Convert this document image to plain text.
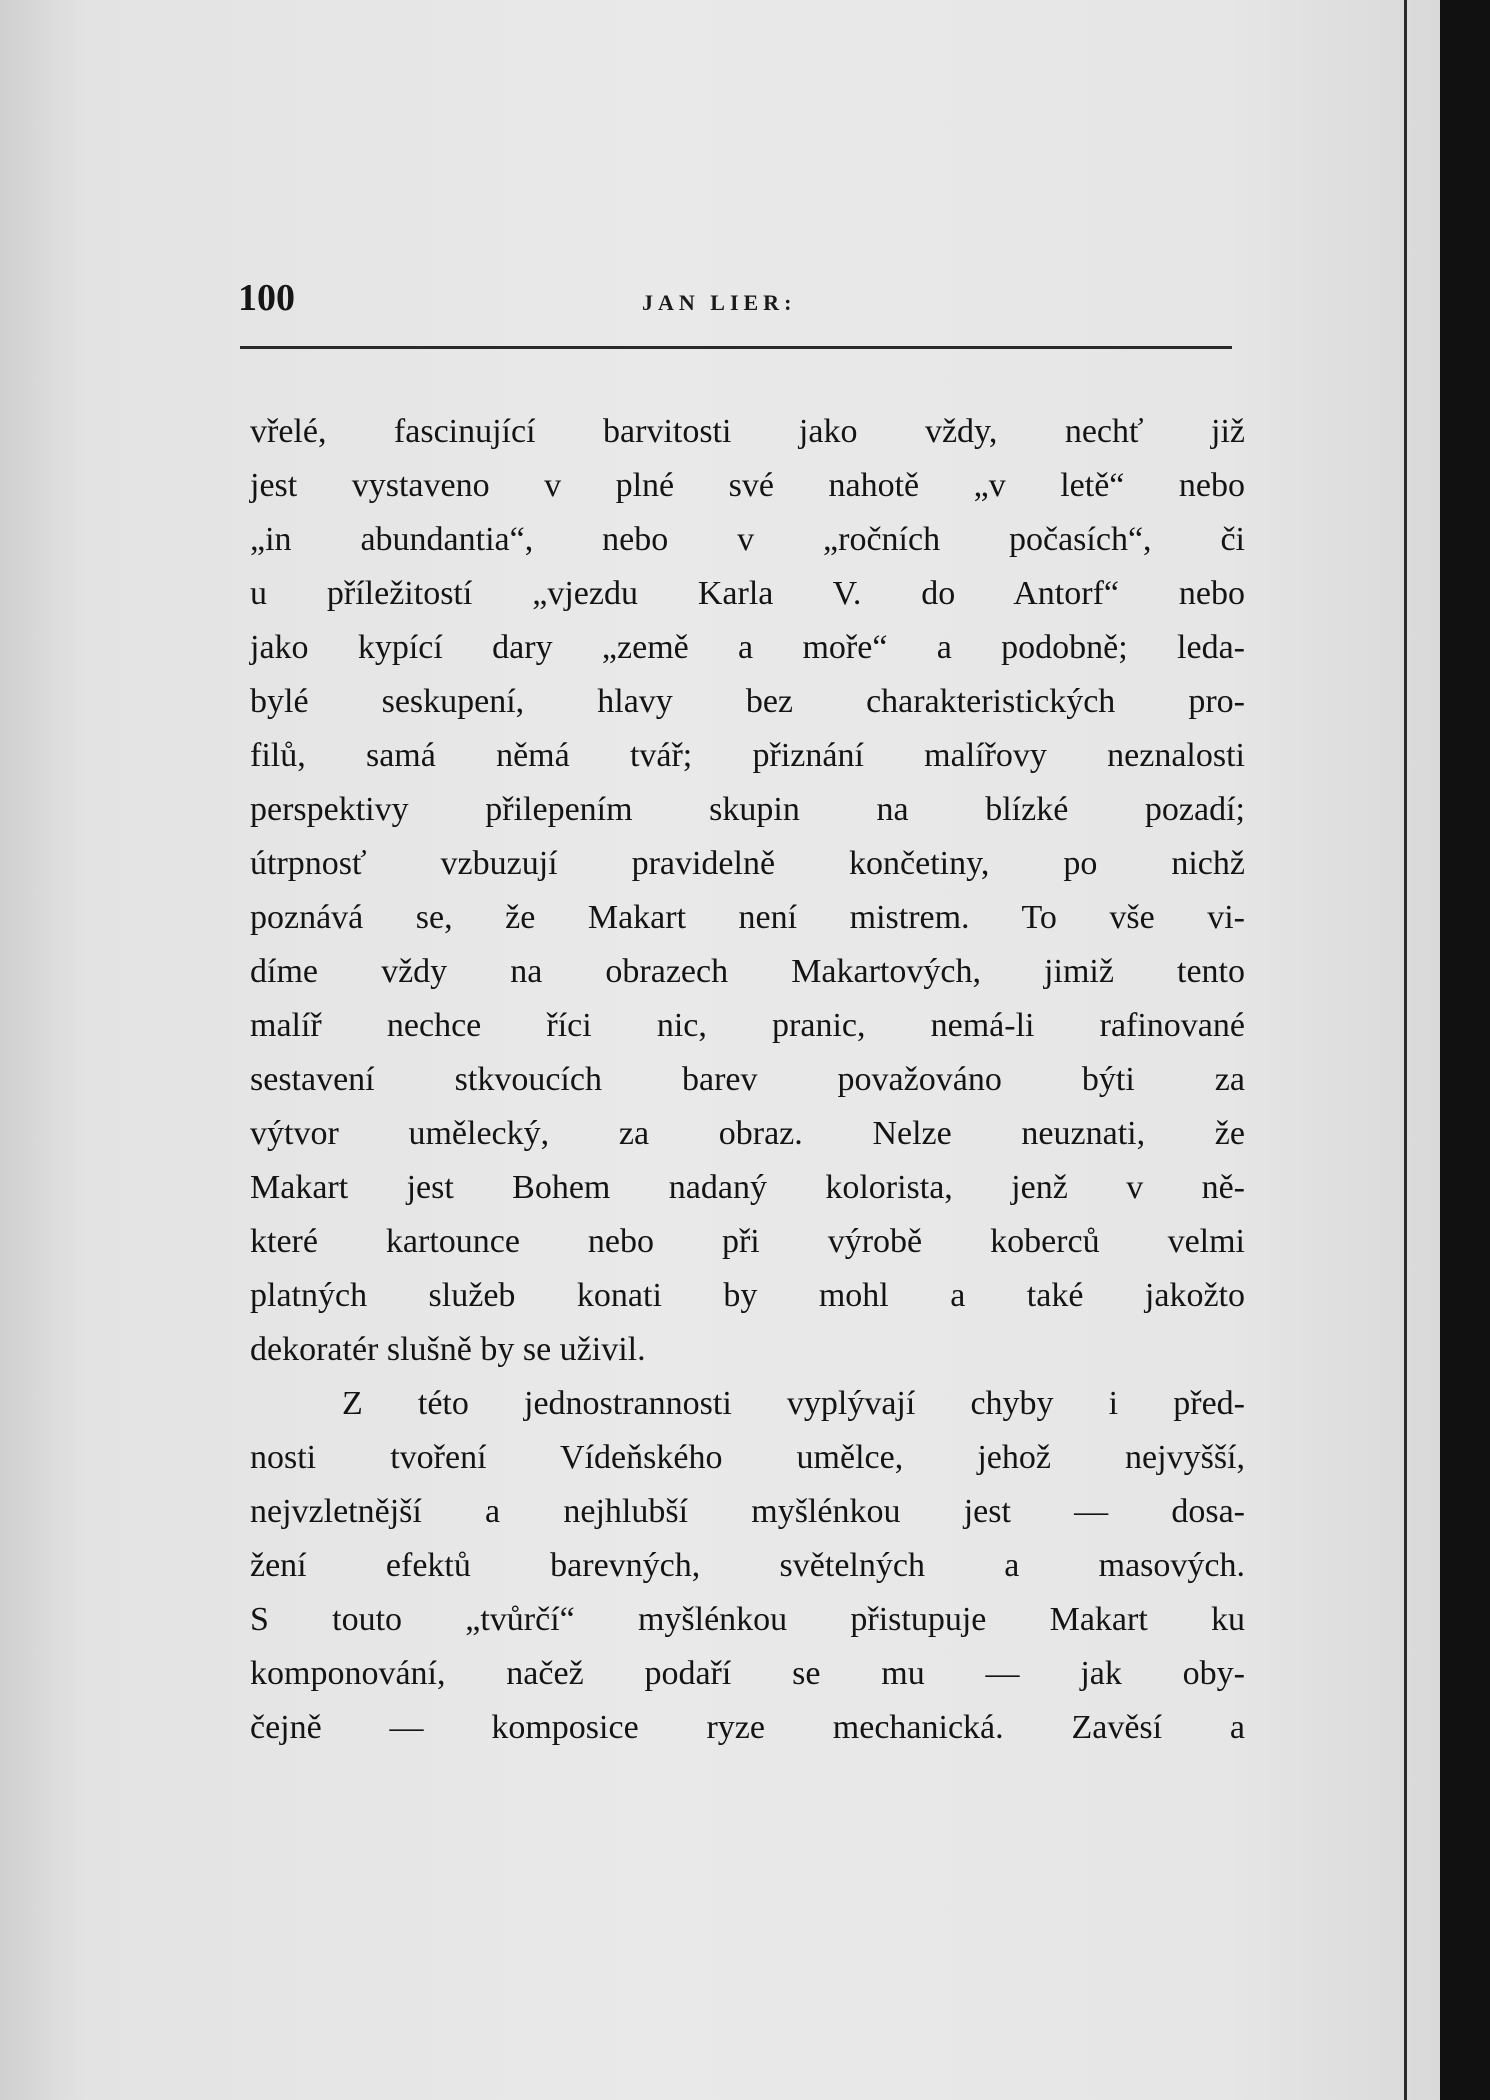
100	JAN LIER:
vřelé, fascinující barvitosti jako vždy, nechť již
jest vystaveno v plné své nahotě „v letě“ nebo
„in abundantia“, nebo v „ročních počasích“, či
u příležitostí „vjezdu Karla V. do Antorf“ nebo
jako kypící dary „země a moře“ a podobně; leda-
bylé seskupení, hlavy bez charakteristických pro-
filů, samá němá tvář; přiznání malířovy neznalosti
perspektivy přilepením skupin na blízké pozadí;
útrpnosť vzbuzují pravidelně končetiny, po nichž
poznává se, že Makart není mistrem. To vše vi-
díme vždy na obrazech Makartových, jimiž tento
malíř nechce říci nic, pranic, nemá-li rafinované
sestavení stkvoucích barev považováno býti za
výtvor umělecký, za obraz. Nelze neuznati, že
Makart jest Bohem nadaný kolorista, jenž v ně-
které kartounce nebo při výrobě koberců velmi
platných služeb konati by mohl a také jakožto
dekoratér slušně by se uživil.
Z této jednostrannosti vyplývají chyby i před-
nosti tvoření Vídeňského umělce, jehož nejvyšší,
nejvzletnější a nejhlubší myšlénkou jest — dosa-
žení efektů barevných, světelných a masových.
S touto „tvůrčí“ myšlénkou přistupuje Makart ku
komponování, načež podaří se mu — jak oby-
čejně — komposice ryze mechanická. Zavěsí a
